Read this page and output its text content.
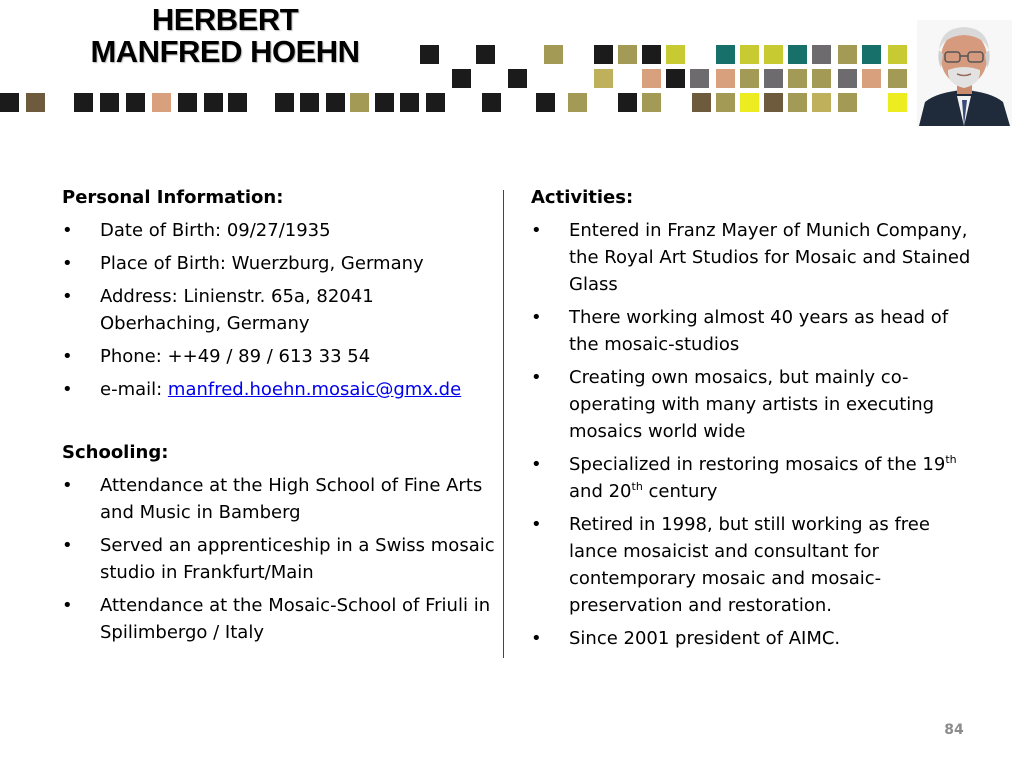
HERBERT
MANFRED HOEHN
Personal Information:
• Date of Birth: 09/27/1935
• Place of Birth: Wuerzburg, Germany
• Address: Linienstr. 65a, 82041 Oberhaching, Germany
• Phone: ++49 / 89 / 613 33 54
• e-mail: manfred.hoehn.mosaic@gmx.de
Schooling:
• Attendance at the High School of Fine Arts and Music in Bamberg
• Served an apprenticeship in a Swiss mosaic studio in Frankfurt/Main
• Attendance at the Mosaic-School of Friuli in Spilimbergo / Italy
Activities:
• Entered in Franz Mayer of Munich Company, the Royal Art Studios for Mosaic and Stained Glass
• There working almost 40 years as head of the mosaic-studios
• Creating own mosaics, but mainly co-operating with many artists in executing mosaics world wide
• Specialized in restoring mosaics of the 19th and 20th century
• Retired in 1998, but still working as free lance mosaicist and consultant for contemporary mosaic and mosaic-preservation and restoration.
• Since 2001 president of AIMC.
84
